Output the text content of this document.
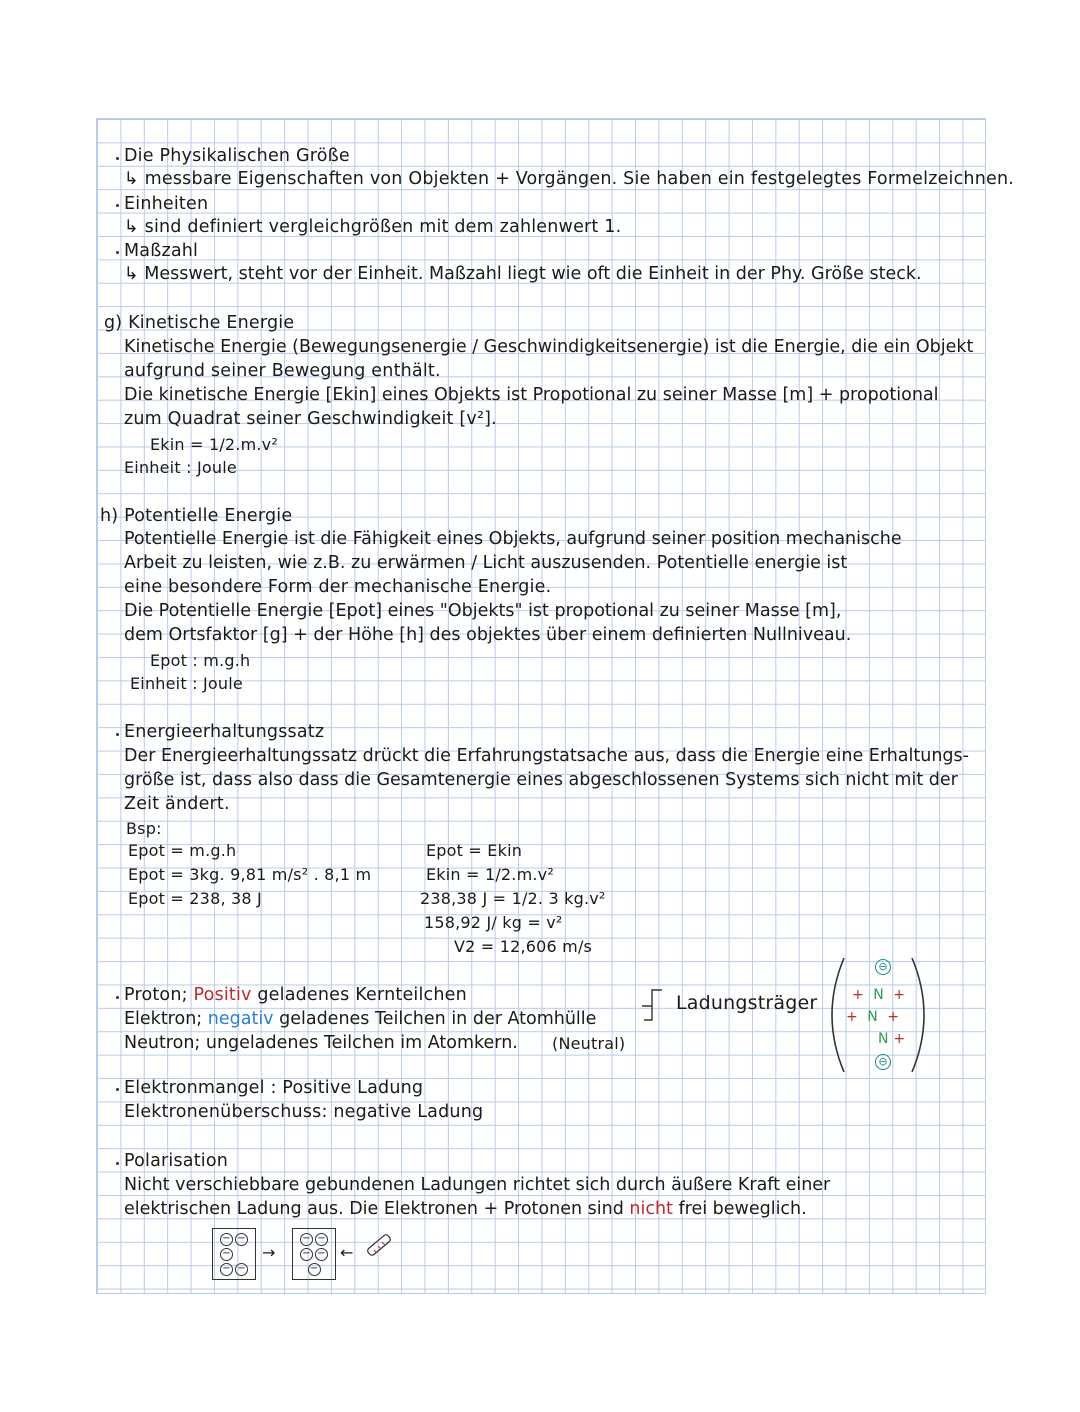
Die Physikalischen Größe
↳ messbare Eigenschaften von Objekten + Vorgängen. Sie haben ein festgelegtes Formelzeichnen.
Einheiten
↳ sind definiert vergleichgrößen mit dem zahlenwert 1.
Maßzahl
↳ Messwert, steht vor der Einheit. Maßzahl liegt wie oft die Einheit in der Phy. Größe steck.
g) Kinetische Energie
Kinetische Energie (Bewegungsenergie / Geschwindigkeitsenergie) ist die Energie, die ein Objekt
aufgrund seiner Bewegung enthält.
Die kinetische Energie [Ekin] eines Objekts ist Propotional zu seiner Masse [m] + propotional
zum Quadrat seiner Geschwindigkeit [v²].
Ekin = 1/2.m.v²
Einheit : Joule
h) Potentielle Energie
Potentielle Energie ist die Fähigkeit eines Objekts, aufgrund seiner position mechanische
Arbeit zu leisten, wie z.B. zu erwärmen / Licht auszusenden. Potentielle energie ist
eine besondere Form der mechanische Energie.
Die Potentielle Energie [Epot] eines "Objekts" ist propotional zu seiner Masse [m],
dem Ortsfaktor [g] + der Höhe [h] des objektes über einem definierten Nullniveau.
Epot : m.g.h
Einheit : Joule
Energieerhaltungssatz
Der Energieerhaltungssatz drückt die Erfahrungstatsache aus, dass die Energie eine Erhaltungs-
größe ist, dass also dass die Gesamtenergie eines abgeschlossenen Systems sich nicht mit der
Zeit ändert.
Bsp:
Epot = m.g.h
Epot = 3kg. 9,81 m/s² . 8,1 m
Epot = 238, 38 J
Epot = Ekin
Ekin = 1/2.m.v²
238,38 J = 1/2. 3 kg.v²
158,92 J/ kg = v²
V2 = 12,606 m/s
Proton; Positiv geladenes Kernteilchen
Elektron; negativ geladenes Teilchen in der Atomhülle
Neutron; ungeladenes Teilchen im Atomkern. (Neutral)
Ladungsträger
⊖
+ N +
+ N +
N +
⊖
Elektronmangel : Positive Ladung
Elektronenüberschuss: negative Ladung
Polarisation
Nicht verschiebbare gebundenen Ladungen richtet sich durch äußere Kraft einer
elektrischen Ladung aus. Die Elektronen + Protonen sind nicht frei beweglich.
− −
−
− −
→
− −
− −
−
←
